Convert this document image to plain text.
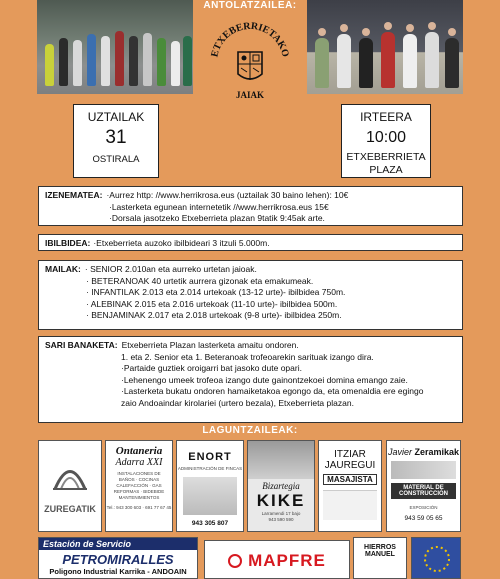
ANTOLATZAILEA:
ETXEBERRIETAKO
JAIAK
UZTAILAK
31
OSTIRALA
IRTEERA
10:00
ETXEBERRIETA
PLAZA
IZENEMATEA: ·Aurrez http: //www.herrikrosa.eus (uztailak 30 baino lehen): 10€
·Lasterketa egunean internetetik //www.herrikrosa.eus 15€
·Dorsala jasotzeko Etxeberrieta plazan 9tatik 9:45ak arte.
IBILBIDEA: ·Etxeberrieta auzoko ibilbideari 3 itzuli 5.000m.
MAILAK: · SENIOR 2.010an eta aurreko urtetan jaioak.
· BETERANOAK 40 urtetik aurrera gizonak eta emakumeak.
· INFANTILAK 2.013 eta 2.014 urtekoak (13-12 urte)- ibilbidea 750m.
· ALEBINAK 2.015 eta 2.016 urtekoak (11-10 urte)- ibilbidea 500m.
· BENJAMINAK 2.017 eta 2.018 urtekoak (9-8 urte)- ibilbidea 250m.
SARI BANAKETA: Etxeberrieta Plazan lasterketa amaitu ondoren.
1. eta 2. Senior eta 1. Beteranoak trofeoarekin sarituak izango dira.
·Partaide guztiek oroigarri bat jasoko dute opari.
·Lehenengo umeek trofeoa izango dute gainontzekoei domina emango zaie.
·Lasterketa bukatu ondoren hamaiketakoa egongo da, eta omenaldia ere egingo
zaio Andoaindar kirolariei (urtero bezala), Etxeberrieta plazan.
LAGUNTZAILEAK:
ZUREGATIK
Ontaneria
Adarra XXI
INSTALACIONES DE
BAÑOS · COCINAS
CALEFACCIÓN · GAS
REFORMAS · BIDEBIDE
MANTENIMIENTOS
Tel.: 943 300 603 · 691 77 67 45
ENORT
ADMINISTRACIÓN DE FINCAS
943 305 807
Bizartegia
KIKE
Larramendi 17 bajo
943 590 590
ITZIAR
JAUREGUI
MASAJISTA
Javier Zeramikak
MATERIAL DE CONSTRUCCIÓN
EXPOSICIÓN
943 59 05 65
Estación de Servicio
PETROMIRALLES
Poligono Industrial Karrika - ANDOAIN
MAPFRE
HIERROS
MANUEL
